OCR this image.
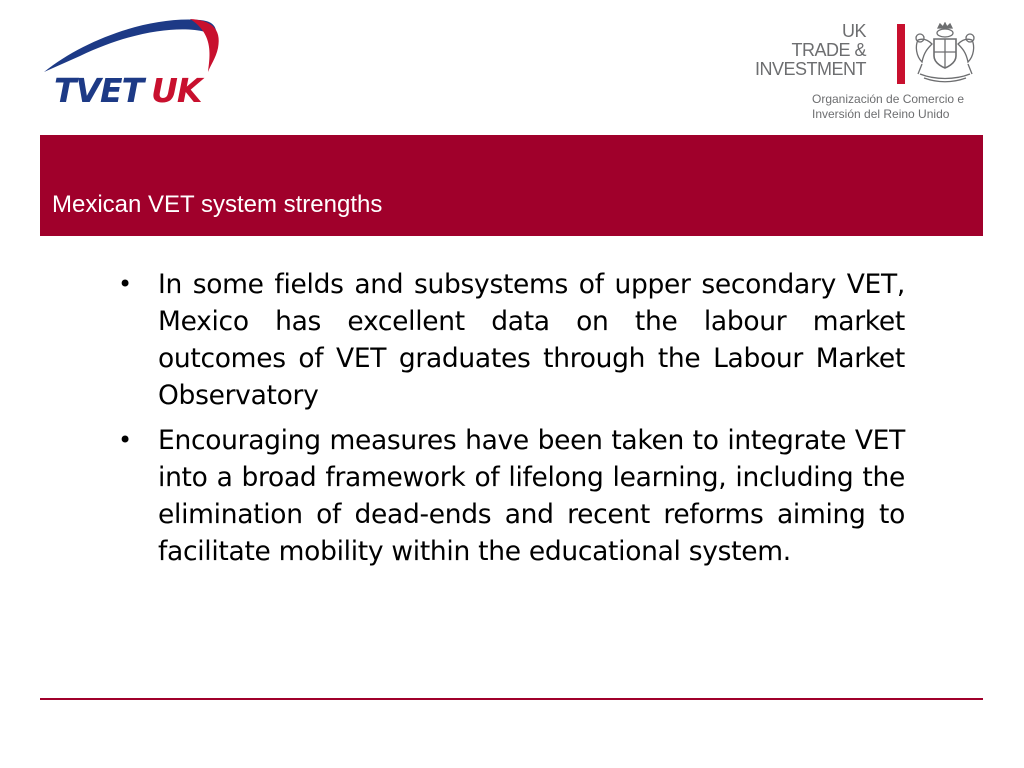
TVET UK
UK
TRADE &
INVESTMENT
Organización de Comercio e
Inversión del Reino Unido
Mexican VET system strengths
• In some fields and subsystems of upper secondary VET, Mexico has excellent data on the labour market outcomes of VET graduates through the Labour Market Observatory
• Encouraging measures have been taken to integrate VET into a broad framework of lifelong learning, including the elimination of dead-ends and recent reforms aiming to facilitate mobility within the educational system.
